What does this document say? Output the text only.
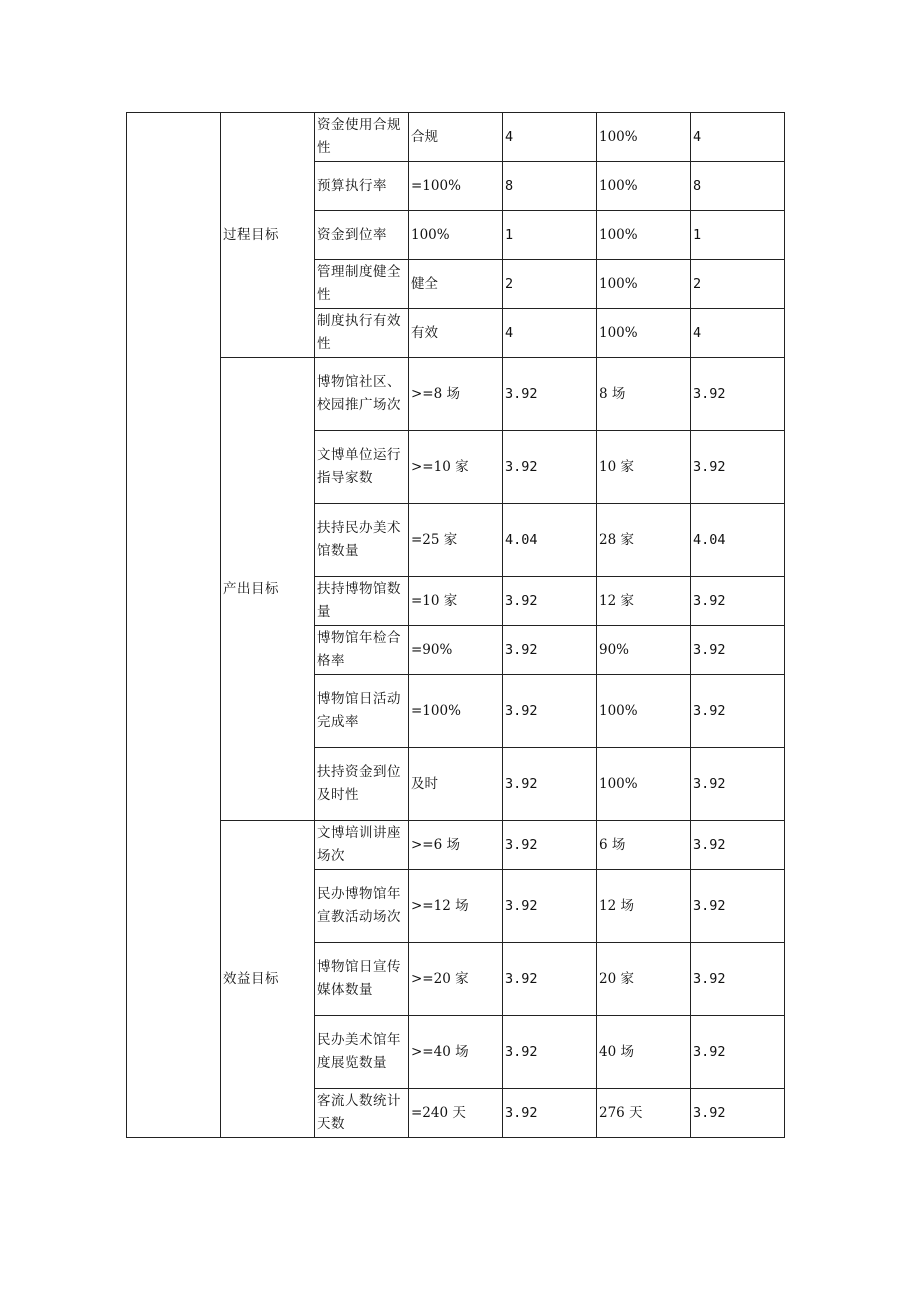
	过程目标	资金使用合规性	合规	4	100%	4
		预算执行率	=100%	8	100%	8
		资金到位率	100%	1	100%	1
		管理制度健全性	健全	2	100%	2
		制度执行有效性	有效	4	100%	4
	产出目标	博物馆社区、校园推广场次	>=8 场	3.92	8 场	3.92
		文博单位运行指导家数	>=10 家	3.92	10 家	3.92
		扶持民办美术馆数量	=25 家	4.04	28 家	4.04
		扶持博物馆数量	=10 家	3.92	12 家	3.92
		博物馆年检合格率	=90%	3.92	90%	3.92
		博物馆日活动完成率	=100%	3.92	100%	3.92
		扶持资金到位及时性	及时	3.92	100%	3.92
	效益目标	文博培训讲座场次	>=6 场	3.92	6 场	3.92
		民办博物馆年宣教活动场次	>=12 场	3.92	12 场	3.92
		博物馆日宣传媒体数量	>=20 家	3.92	20 家	3.92
		民办美术馆年度展览数量	>=40 场	3.92	40 场	3.92
		客流人数统计天数	=240 天	3.92	276 天	3.92
